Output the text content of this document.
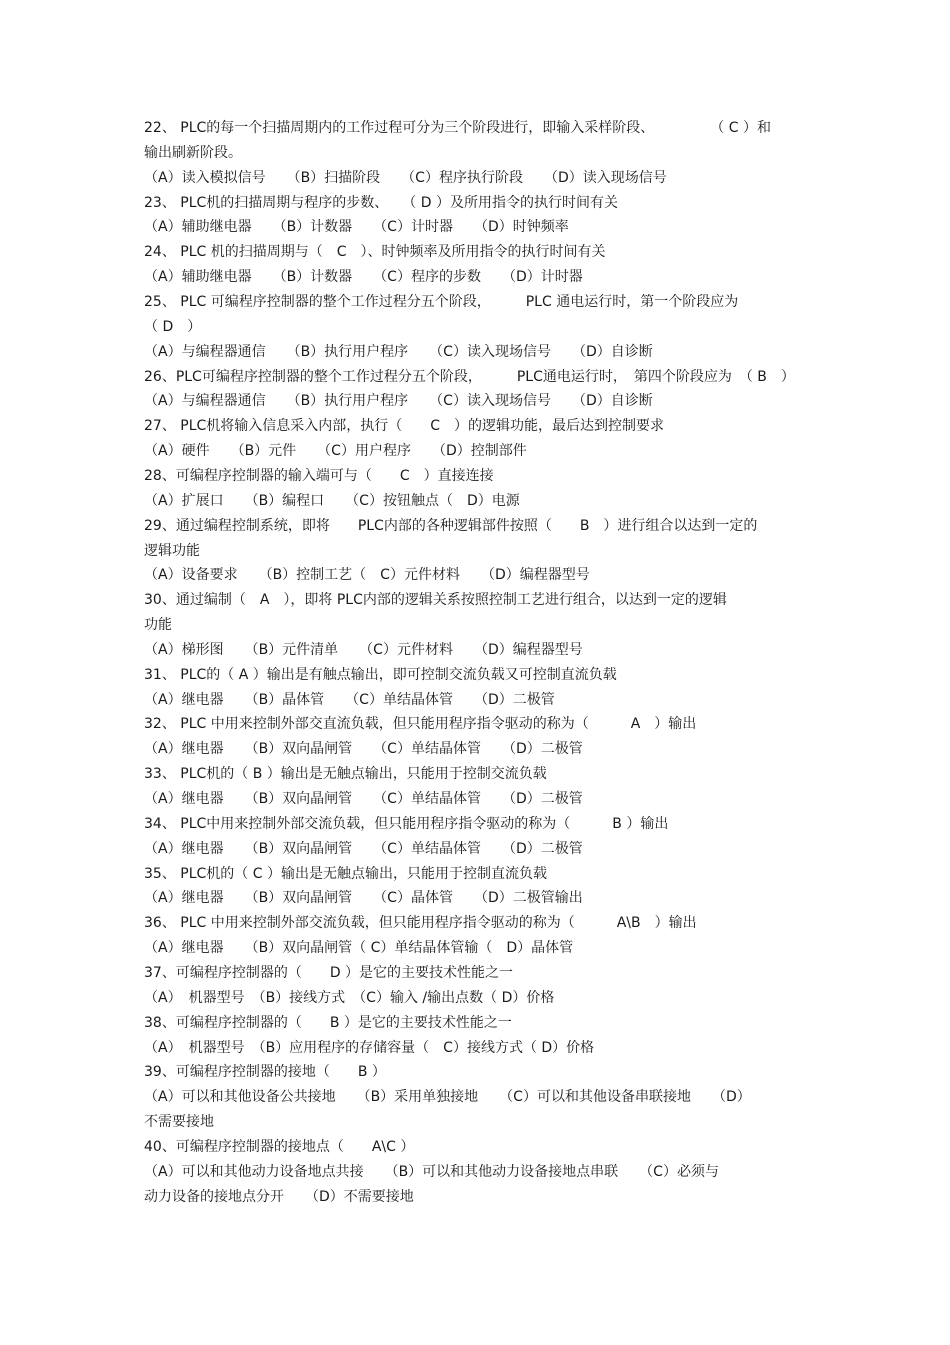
22、 PLC的每一个扫描周期内的工作过程可分为三个阶段进行，即输入采样阶段、　　　　　（ C ）和
输出刷新阶段。
（A）读入模拟信号　　（B）扫描阶段　　（C）程序执行阶段　　（D）读入现场信号
23、 PLC机的扫描周期与程序的步数、　　（ D ）及所用指令的执行时间有关
（A）辅助继电器　　（B）计数器　　（C）计时器　　（D）时钟频率
24、 PLC 机的扫描周期与（　C　）、时钟频率及所用指令的执行时间有关
（A）辅助继电器　　（B）计数器　　（C）程序的步数　　（D）计时器
25、 PLC 可编程序控制器的整个工作过程分五个阶段，　　　PLC 通电运行时，第一个阶段应为
（ D　）
（A）与编程器通信　　（B）执行用户程序　　（C）读入现场信号　　（D）自诊断
26、PLC可编程序控制器的整个工作过程分五个阶段，　　　PLC通电运行时，　第四个阶段应为　（ B　）
（A）与编程器通信　　（B）执行用户程序　　（C）读入现场信号　　（D）自诊断
27、 PLC机将输入信息采入内部，执行（　　C　）的逻辑功能，最后达到控制要求
（A）硬件　　（B）元件　　（C）用户程序　　（D）控制部件
28、可编程序控制器的输入端可与（　　C　）直接连接
（A）扩展口　　（B）编程口　　（C）按钮触点（　D）电源
29、通过编程控制系统，即将　　PLC内部的各种逻辑部件按照（　　B　）进行组合以达到一定的
逻辑功能
（A）设备要求　　（B）控制工艺（　C）元件材料　　（D）编程器型号
30、通过编制（　A　），即将 PLC内部的逻辑关系按照控制工艺进行组合，以达到一定的逻辑
功能
（A）梯形图　　（B）元件清单　　（C）元件材料　　（D）编程器型号
31、 PLC的（ A ）输出是有触点输出，即可控制交流负载又可控制直流负载
（A）继电器　　（B）晶体管　　（C）单结晶体管　　（D）二极管
32、 PLC 中用来控制外部交直流负载，但只能用程序指令驱动的称为（　　　A　）输出
（A）继电器　　（B）双向晶闸管　　（C）单结晶体管　　（D）二极管
33、 PLC机的（ B ）输出是无触点输出，只能用于控制交流负载
（A）继电器　　（B）双向晶闸管　　（C）单结晶体管　　（D）二极管
34、 PLC中用来控制外部交流负载，但只能用程序指令驱动的称为（　　　B ）输出
（A）继电器　　（B）双向晶闸管　　（C）单结晶体管　　（D）二极管
35、 PLC机的（ C ）输出是无触点输出，只能用于控制直流负载
（A）继电器　　（B）双向晶闸管　　（C）晶体管　　（D）二极管输出
36、 PLC 中用来控制外部交流负载，但只能用程序指令驱动的称为（　　　A\B　）输出
（A）继电器　　（B）双向晶闸管（ C）单结晶体管输（　D）晶体管
37、可编程序控制器的（　　D ）是它的主要技术性能之一
（A）　机器型号　（B）接线方式　（C）输入 /输出点数（ D）价格
38、可编程序控制器的（　　B ）是它的主要技术性能之一
（A）　机器型号　（B）应用程序的存储容量（　C）接线方式（ D）价格
39、可编程序控制器的接地（　　B ）
（A）可以和其他设备公共接地　　（B）采用单独接地　　（C）可以和其他设备串联接地　　（D）
不需要接地
40、可编程序控制器的接地点（　　A\C ）
（A）可以和其他动力设备地点共接　　（B）可以和其他动力设备接地点串联　　（C）必须与
动力设备的接地点分开　　（D）不需要接地
